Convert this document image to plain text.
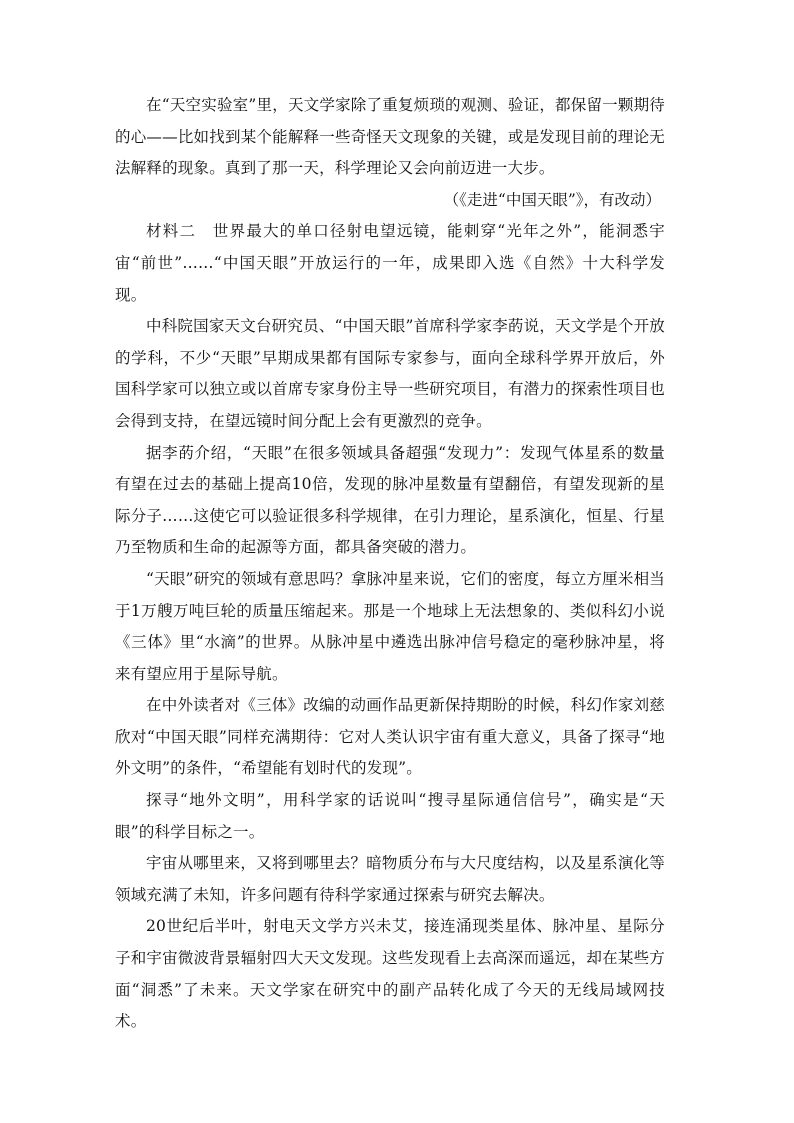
在“天空实验室”里，天文学家除了重复烦琐的观测、验证，都保留一颗期待的心——比如找到某个能解释一些奇怪天文现象的关键，或是发现目前的理论无法解释的现象。真到了那一天，科学理论又会向前迈进一大步。

（《走进“中国天眼”》，有改动）

材料二　世界最大的单口径射电望远镜，能刺穿“光年之外”，能洞悉宇宙“前世”……“中国天眼”开放运行的一年，成果即入选《自然》十大科学发现。

中科院国家天文台研究员、“中国天眼”首席科学家李菂说，天文学是个开放的学科，不少“天眼”早期成果都有国际专家参与，面向全球科学界开放后，外国科学家可以独立或以首席专家身份主导一些研究项目，有潜力的探索性项目也会得到支持，在望远镜时间分配上会有更激烈的竞争。

据李菂介绍，“天眼”在很多领域具备超强“发现力”：发现气体星系的数量有望在过去的基础上提高10倍，发现的脉冲星数量有望翻倍，有望发现新的星际分子……这使它可以验证很多科学规律，在引力理论，星系演化，恒星、行星乃至物质和生命的起源等方面，都具备突破的潜力。

“天眼”研究的领域有意思吗？拿脉冲星来说，它们的密度，每立方厘米相当于1万艘万吨巨轮的质量压缩起来。那是一个地球上无法想象的、类似科幻小说《三体》里“水滴”的世界。从脉冲星中遴选出脉冲信号稳定的毫秒脉冲星，将来有望应用于星际导航。

在中外读者对《三体》改编的动画作品更新保持期盼的时候，科幻作家刘慈欣对“中国天眼”同样充满期待：它对人类认识宇宙有重大意义，具备了探寻“地外文明”的条件，“希望能有划时代的发现”。

探寻“地外文明”，用科学家的话说叫“搜寻星际通信信号”，确实是“天眼”的科学目标之一。

宇宙从哪里来，又将到哪里去？暗物质分布与大尺度结构，以及星系演化等领域充满了未知，许多问题有待科学家通过探索与研究去解决。

20世纪后半叶，射电天文学方兴未艾，接连涌现类星体、脉冲星、星际分子和宇宙微波背景辐射四大天文发现。这些发现看上去高深而遥远，却在某些方面“洞悉”了未来。天文学家在研究中的副产品转化成了今天的无线局域网技术。
